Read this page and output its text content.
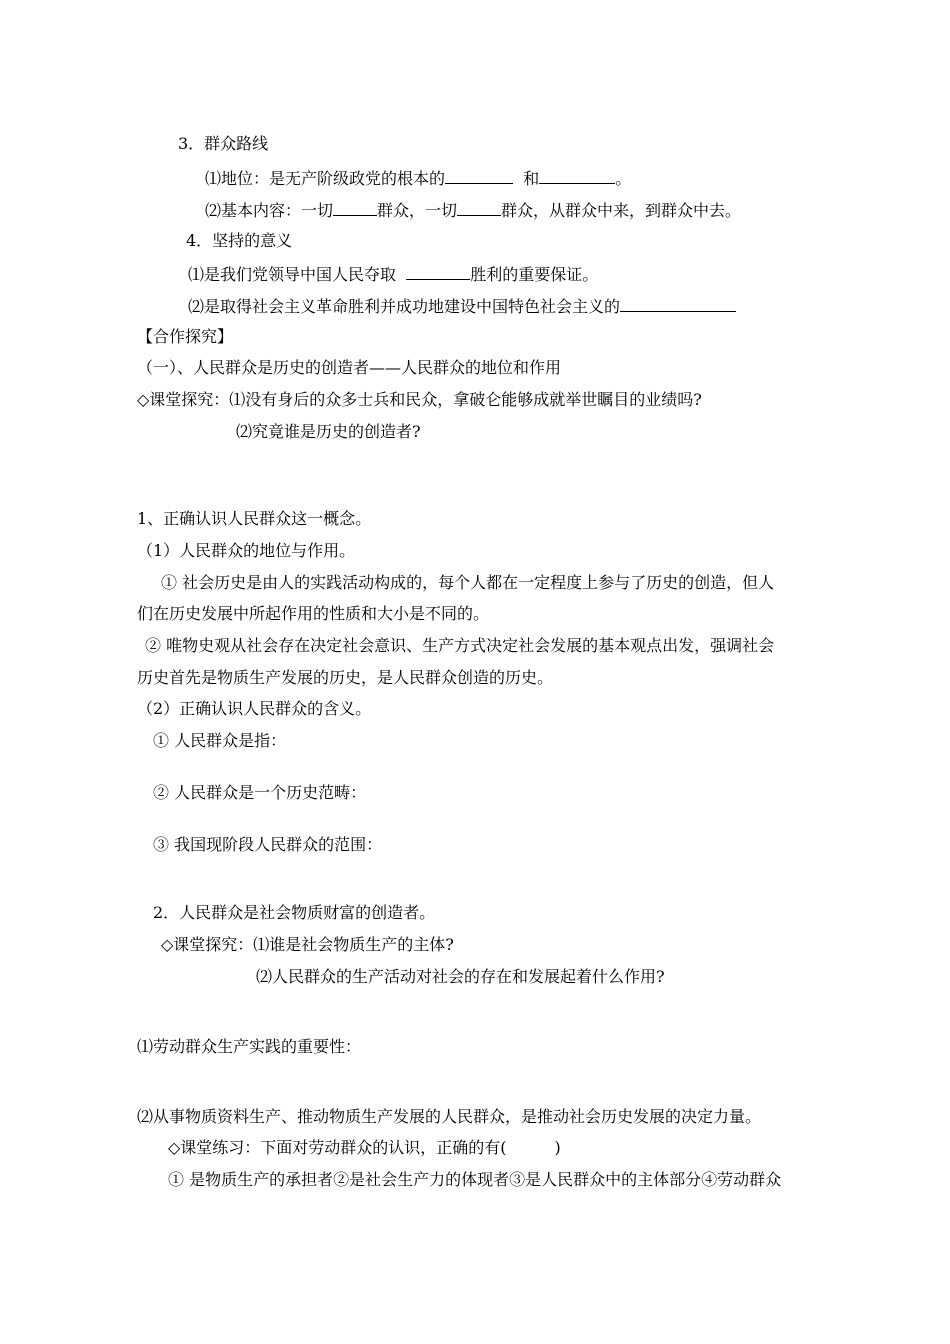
3．群众路线
⑴地位：是无产阶级政党的根本的	和	。
⑵基本内容：一切	群众，一切	群众，从群众中来，到群众中去。
4．坚持的意义
⑴是我们党领导中国人民夺取	胜利的重要保证。
⑵是取得社会主义革命胜利并成功地建设中国特色社会主义的
【合作探究】
（一）、人民群众是历史的创造者——人民群众的地位和作用
◇课堂探究：⑴没有身后的众多士兵和民众，拿破仑能够成就举世瞩目的业绩吗?
⑵究竟谁是历史的创造者?
1、正确认识人民群众这一概念。
（1）人民群众的地位与作用。
① 社会历史是由人的实践活动构成的，每个人都在一定程度上参与了历史的创造，但人
们在历史发展中所起作用的性质和大小是不同的。
② 唯物史观从社会存在决定社会意识、生产方式决定社会发展的基本观点出发，强调社会
历史首先是物质生产发展的历史，是人民群众创造的历史。
（2）正确认识人民群众的含义。
① 人民群众是指：
② 人民群众是一个历史范畴：
③ 我国现阶段人民群众的范围：
2．人民群众是社会物质财富的创造者。
◇课堂探究：⑴谁是社会物质生产的主体?
⑵人民群众的生产活动对社会的存在和发展起着什么作用?
⑴劳动群众生产实践的重要性：
⑵从事物质资料生产、推动物质生产发展的人民群众，是推动社会历史发展的决定力量。
◇课堂练习：下面对劳动群众的认识，正确的有(　　　)
① 是物质生产的承担者②是社会生产力的体现者③是人民群众中的主体部分④劳动群众
